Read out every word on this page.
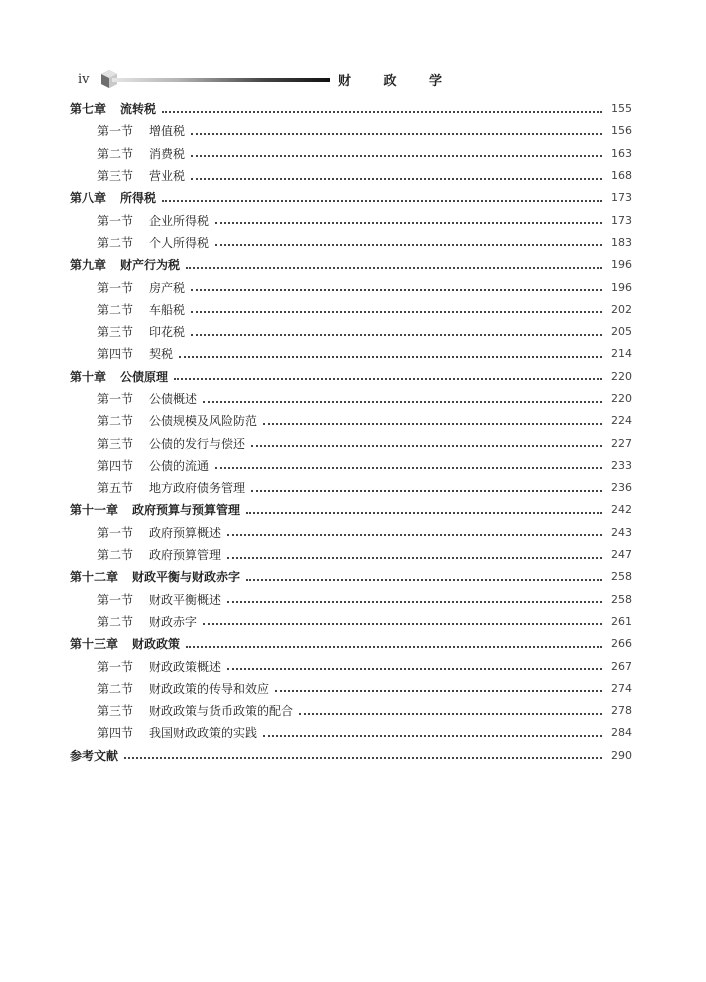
iv	财 政 学
第七章 流转税	155
第一节 增值税	156
第二节 消费税	163
第三节 营业税	168
第八章 所得税	173
第一节 企业所得税	173
第二节 个人所得税	183
第九章 财产行为税	196
第一节 房产税	196
第二节 车船税	202
第三节 印花税	205
第四节 契税	214
第十章 公债原理	220
第一节 公债概述	220
第二节 公债规模及风险防范	224
第三节 公债的发行与偿还	227
第四节 公债的流通	233
第五节 地方政府债务管理	236
第十一章 政府预算与预算管理	242
第一节 政府预算概述	243
第二节 政府预算管理	247
第十二章 财政平衡与财政赤字	258
第一节 财政平衡概述	258
第二节 财政赤字	261
第十三章 财政政策	266
第一节 财政政策概述	267
第二节 财政政策的传导和效应	274
第三节 财政政策与货币政策的配合	278
第四节 我国财政政策的实践	284
参考文献	290
